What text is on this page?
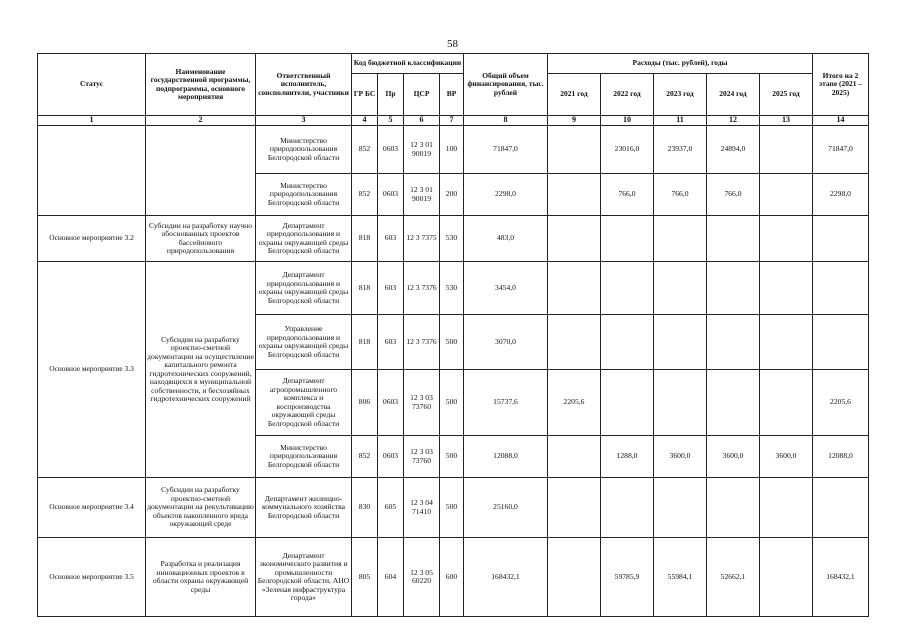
58
Статус	Наименование государственной программы, подпрограммы, основного мероприятия	Ответственный исполнитель, соисполнители, участники	Код бюджетной классификации				Общий объем финансирования, тыс. рублей	Расходы (тыс. рублей), годы					Итого на 2 этапе (2021 – 2025)
			ГР БС	Пр	ЦСР	ВР		2021 год	2022 год	2023 год	2024 год	2025 год	
1	2	3	4	5	6	7	8	9	10	11	12	13	14
		Министерство природопользования Белгородской области	852	0603	12 3 01 90019	100	71847,0		23016,0	23937,0	24894,0		71847,0
		Министерство природопользования Белгородской области	852	0603	12 3 01 90019	200	2298,0		766,0	766,0	766,0		2298,0
Основное мероприятие 3.2	Субсидии на разработку научно обоснованных проектов бассейнового природопользования	Департамент природопользования и охраны окружающей среды Белгородской области	818	603	12 3 7375	530	483,0						
Основное мероприятие 3.3	Субсидии на разработку проектно-сметной документации на осуществление капитального ремонта гидротехнических сооружений, находящихся в муниципальной собственности, и бесхозяйных гидротехнических сооружений	Департамент природопользования и охраны окружающей среды Белгородской области	818	603	12 3 7376	530	3454,0						
		Управление природопользования и охраны окружающей среды Белгородской области	818	603	12 3 7376	500	3070,0						
		Департамент агропромышленного комплекса и воспроизводства окружающей среды Белгородской области	806	0603	12 3 03 73760	500	15737,6	2205,6					2205,6
		Министерство природопользования Белгородской области	852	0603	12 3 03 73760	500	12088,0		1288,0	3600,0	3600,0	3600,0	12088,0
Основное мероприятие 3.4	Субсидии на разработку проектно-сметной документации на рекультивацию объектов накопленного вреда окружающей среде	Департамент жилищно-коммунального хозяйства Белгородской области	830	605	12 3 04 71410	500	25160,0						
Основное мероприятие 3.5	Разработка и реализация инновационных проектов в области охраны окружающей среды	Департамент экономического развития и промышленности Белгородской области, АНО «Зеленая инфраструктура города»	805	604	12 3 05 60220	600	168432,1		59785,9	55984,1	52662,1		168432,1
